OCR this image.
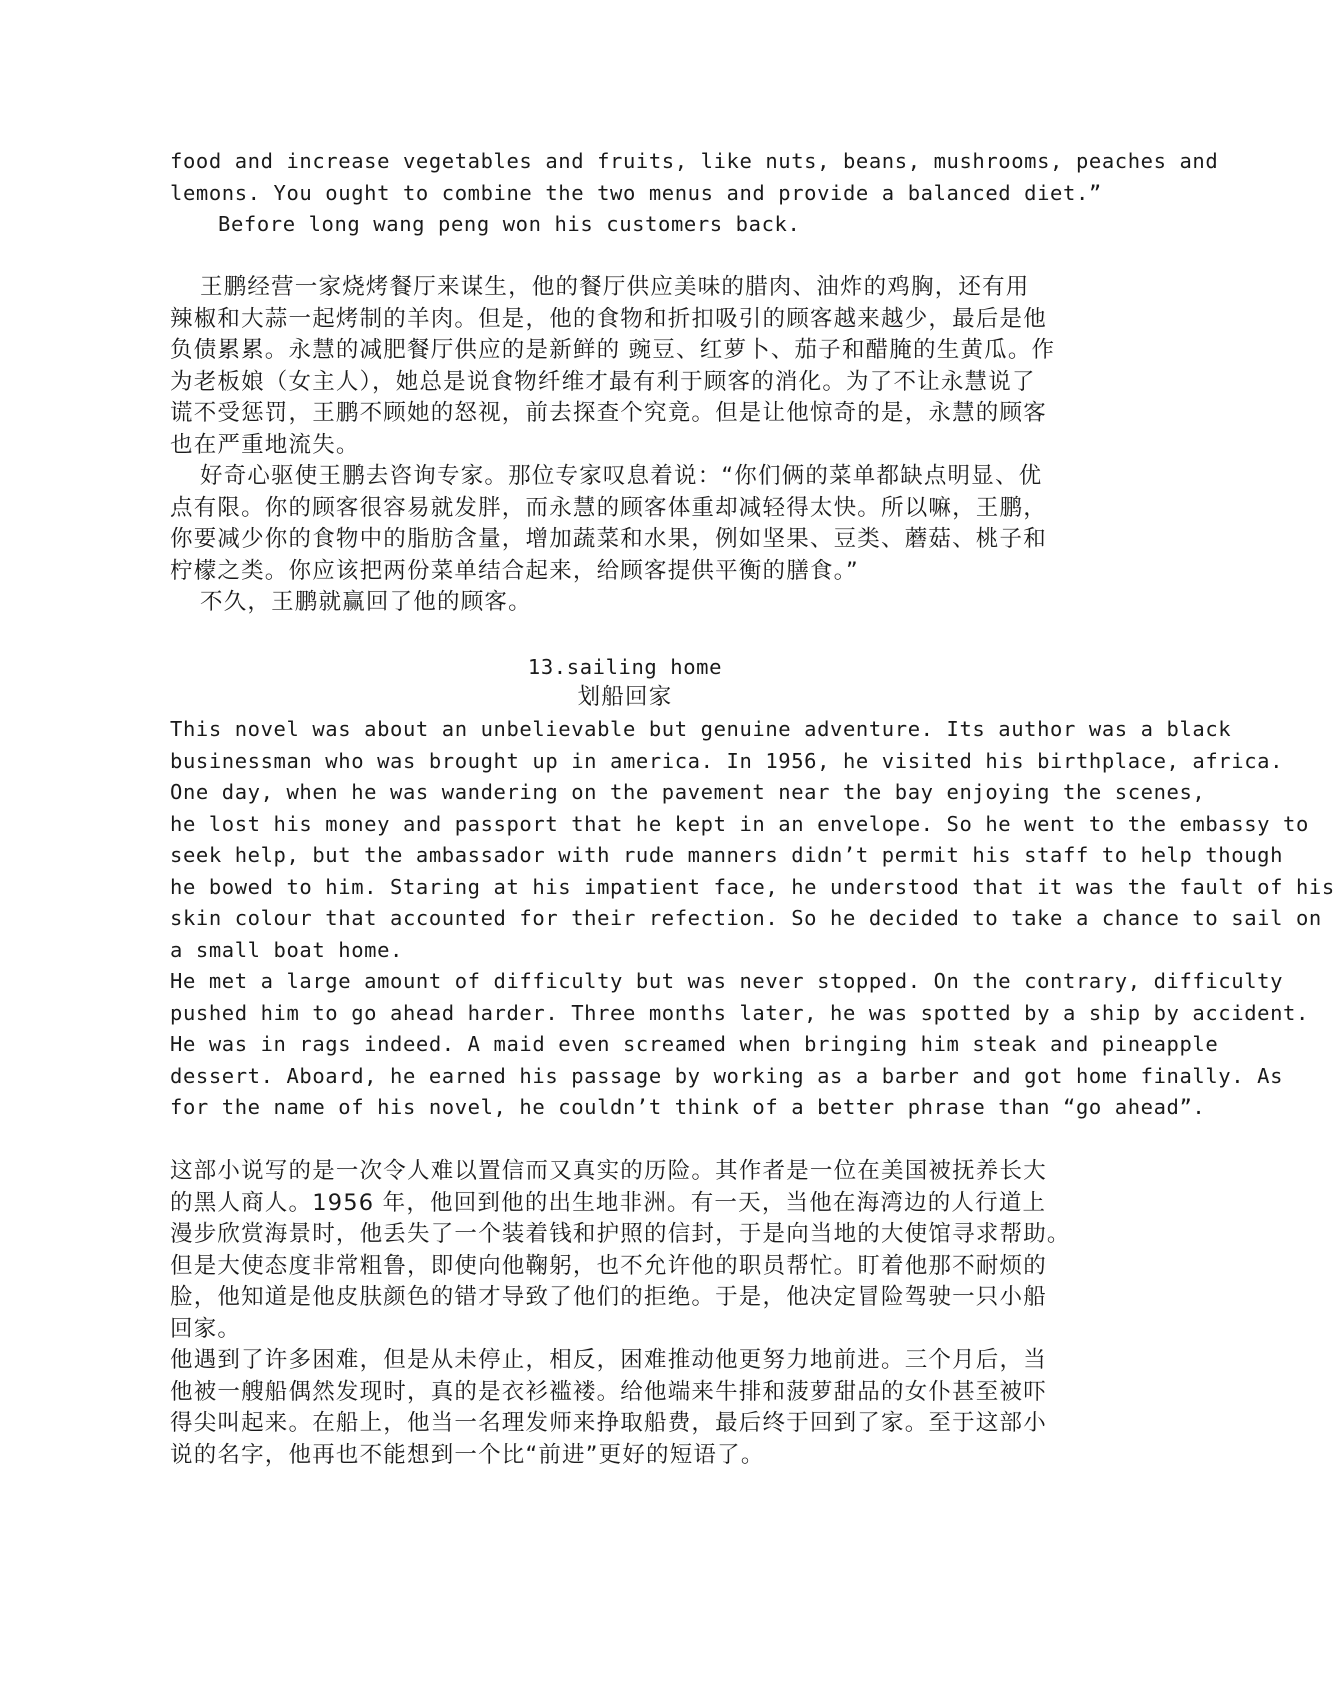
food and increase vegetables and fruits, like nuts, beans, mushrooms, peaches and
lemons. You ought to combine the two menus and provide a balanced diet.”
Before long wang peng won his customers back.
王鹏经营一家烧烤餐厅来谋生，他的餐厅供应美味的腊肉、油炸的鸡胸，还有用
辣椒和大蒜一起烤制的羊肉。但是，他的食物和折扣吸引的顾客越来越少，最后是他
负债累累。永慧的减肥餐厅供应的是新鲜的 豌豆、红萝卜、茄子和醋腌的生黄瓜。作
为老板娘（女主人），她总是说食物纤维才最有利于顾客的消化。为了不让永慧说了
谎不受惩罚，王鹏不顾她的怒视，前去探查个究竟。但是让他惊奇的是，永慧的顾客
也在严重地流失。
好奇心驱使王鹏去咨询专家。那位专家叹息着说：“你们俩的菜单都缺点明显、优
点有限。你的顾客很容易就发胖，而永慧的顾客体重却减轻得太快。所以嘛，王鹏，
你要减少你的食物中的脂肪含量，增加蔬菜和水果，例如坚果、豆类、蘑菇、桃子和
柠檬之类。你应该把两份菜单结合起来，给顾客提供平衡的膳食。”
不久，王鹏就赢回了他的顾客。
13.sailing home
划船回家
This novel was about an unbelievable but genuine adventure. Its author was a black
businessman who was brought up in america. In 1956, he visited his birthplace, africa.
One day, when he was wandering on the pavement near the bay enjoying the scenes,
he lost his money and passport that he kept in an envelope. So he went to the embassy to
seek help, but the ambassador with rude manners didn’t permit his staff to help though
he bowed to him. Staring at his impatient face, he understood that it was the fault of his
skin colour that accounted for their refection. So he decided to take a chance to sail on
a small boat home.
He met a large amount of difficulty but was never stopped. On the contrary, difficulty
pushed him to go ahead harder. Three months later, he was spotted by a ship by accident.
He was in rags indeed. A maid even screamed when bringing him steak and pineapple
dessert. Aboard, he earned his passage by working as a barber and got home finally. As
for the name of his novel, he couldn’t think of a better phrase than “go ahead”.
这部小说写的是一次令人难以置信而又真实的历险。其作者是一位在美国被抚养长大
的黑人商人。1956 年，他回到他的出生地非洲。有一天，当他在海湾边的人行道上
漫步欣赏海景时，他丢失了一个装着钱和护照的信封，于是向当地的大使馆寻求帮助。
但是大使态度非常粗鲁，即使向他鞠躬，也不允许他的职员帮忙。盯着他那不耐烦的
脸，他知道是他皮肤颜色的错才导致了他们的拒绝。于是，他决定冒险驾驶一只小船
回家。
他遇到了许多困难，但是从未停止，相反，困难推动他更努力地前进。三个月后，当
他被一艘船偶然发现时，真的是衣衫褴褛。给他端来牛排和菠萝甜品的女仆甚至被吓
得尖叫起来。在船上，他当一名理发师来挣取船费，最后终于回到了家。至于这部小
说的名字，他再也不能想到一个比“前进”更好的短语了。
